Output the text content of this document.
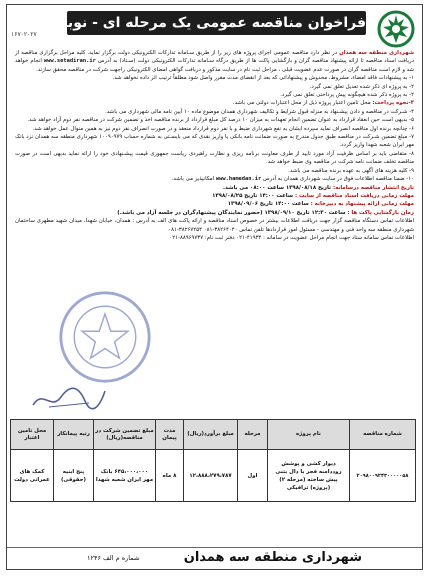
فراخوان مناقصه عمومی یک مرحله ای - نوبت دوم
۱۶۷۰۲۰۲۷

شهرداری منطقه سه همدان در نظر دارد مناقصه عمومی اجرای پروژه های زیر را از طریق سـامانه تدارکات الکترونیکی دولت برگزار نماید. کلیه مراحل برگزاری مناقصه از دریافت اسناد مناقصه تا ارائه پیشنهاد مناقصه گران و بازگشایی پاکت ها از طریق درگاه سـامانه تدارکات الکترونیکی دولت (سـتاد) به آدرس www.setadiran.ir انجام خواهد شد و لازم است مناقصه گران در صورت عدم عضویت قبلی ، مراحل ثبت نام در سایت مذکور و دریافت گواهی امضای الکترونیکی راجهت شرکت در مناقصه محقق سازند.

۱- به پیشنهادات فاقد امضاء، مشروط، مخدوش و پیشنهاداتی که بعد از انقضای مدت مقرر واصل شود مطلقاً ترتیب اثر داده نخواهد شد.

۲- به پروژه ای ذکر شده تعدیل تعلق نمی گیرد.

۲- به پروژه ذکر شده هیچگونه پیش پرداختی تعلق نمی گیرد.

۳-نحوه پرداخت: محل تامین اعتبار پروژه ذیل از محل اعتبارات دولتی می باشد.

۴- شـرکت در مناقصه و دادن پیشـنهاد به منزله قبول شرایط و تکالیف شهرداری همدان موضوع ماده ۱۰ آیین نامه مالی شهرداری می باشد.

۵- بدیهی است حین انعقاد قرارداد به عنوان تضمین انجام تعهدات به میزان ۱۰ درصد کل مبلغ قرارداد از برنده مناقصه اخذ و تضمین شرکت در مناقصه نفر دوم آزاد خواهد شد.

۶- چنانچه برنده اول مناقصه انصراف نماید سپرده ایشان به نفع شهرداری ضبط و با نفر دوم قرارداد منعقد و در صورت انصراف نفر دوم نیز به همین منوال عمل خواهد شد.

۷- مبلغ تضمین شـرکت در مناقصه طبق جدول مندرج به صورت ضمانت نامه بانکی یا واریز نقدی که می بایسـتی به شماره حساب ۱۰۰۹۰۹۷۹ شهرداری منطقه سه همدان نزد بانک مهر ایران شعبه شهدا واریز گردد.

۸- متقاضی باید بر اساس ظرفیت آزاد مورد تایید از طرف معاونت برنامه ریزی و نظارت راهبردی ریاست جمهوری قیمت پیشـنهادی خود را ارائه نماید بدیهی است در صورت مناقصه تخلف ضمانت نامه شرکت در مناقصه وی ضبط خواهد شد.

۹- کلیه هزینه های آگهی به عهده برنده مناقصه می باشد.

۱۰- ضمنا مناقصه اطلاعات فوق در سایت شهرداری همدان به آدرس www.hamedan.ir امکانپذیر می باشد.

تاریخ انتشار مناقصه درسامانه: تاریخ ۱۳۹۸/۰۸/۱۸ ساعت ۰۸:۰۰ می باشد.

مهلت زمانی دریافت اسناد مناقصه از سایت : ساعت ۱۴:۰۰ تاریخ ۱۳۹۸/۰۸/۲۵

مهلت زمانی ارائه پیشنهاد به دبیرخانه : ساعت ۱۴:۰۰ تاریخ ۱۳۹۸/۰۹/۰۶

زمان بازگشایی پاکت ها : ساعت ۱۲:۳۰ تاریخ ۱۳۹۸/۰۹/۱۰ (حضور نمایندگان پیشنهادگران در جلسه آزاد می باشد.)

اطلاعات تماس دستگاه مناقصه گزار جهت دریافت اطلاعات بیشتر در خصوص اسناد مناقصه و ارائه پاکت های الف به آدرس : همدان، خیابان شهدا، میدان شهید مطهری ساختمان شهرداری منطقه سه واحد فنی و مهندسی - مسئول امور قراردادها تلفن تماس ۳۸۲۶۴۰۴۰-۰۸۱ ۳۸۲۶۷۲۵۴-۰۸۱

اطلاعات تماس سامانه ستاد جهت انجام مراحل عضویت در سامانه : ۴۱۹۳۴-۰۲۱ دفتر ثبت نام: ۸۸۹۶۹۷۳۷-۰۲۱

شماره مناقصه	نام پروژه	مرحله	مبلغ برآورد(ریال)	مدت پیمان	مبلغ تضمین شرکت در مناقصه(ریال)	رتبه پیمانکار	محل تامین اعتبار
۲۰۹۸۰۰۹۲۴۳۰۰۰۰۰۵۸	دیوار کشی و پوشش روددامنه فجر با دال بتنی پیش ساخته (مرحله ۲) (پروژه) ترافیکی	اول	۱۲،۸۸۸،۲۷۹،۷۸۷	۸ ماه	۶۴۵،۰۰۰،۰۰۰ بانک مهر ایران شعبه شهدا	پنج ابنیه (حقوقی)	کمک های عمرانی دولت
شهرداری منطقه سه همدان
شماره م الف ۱۲۴۶
